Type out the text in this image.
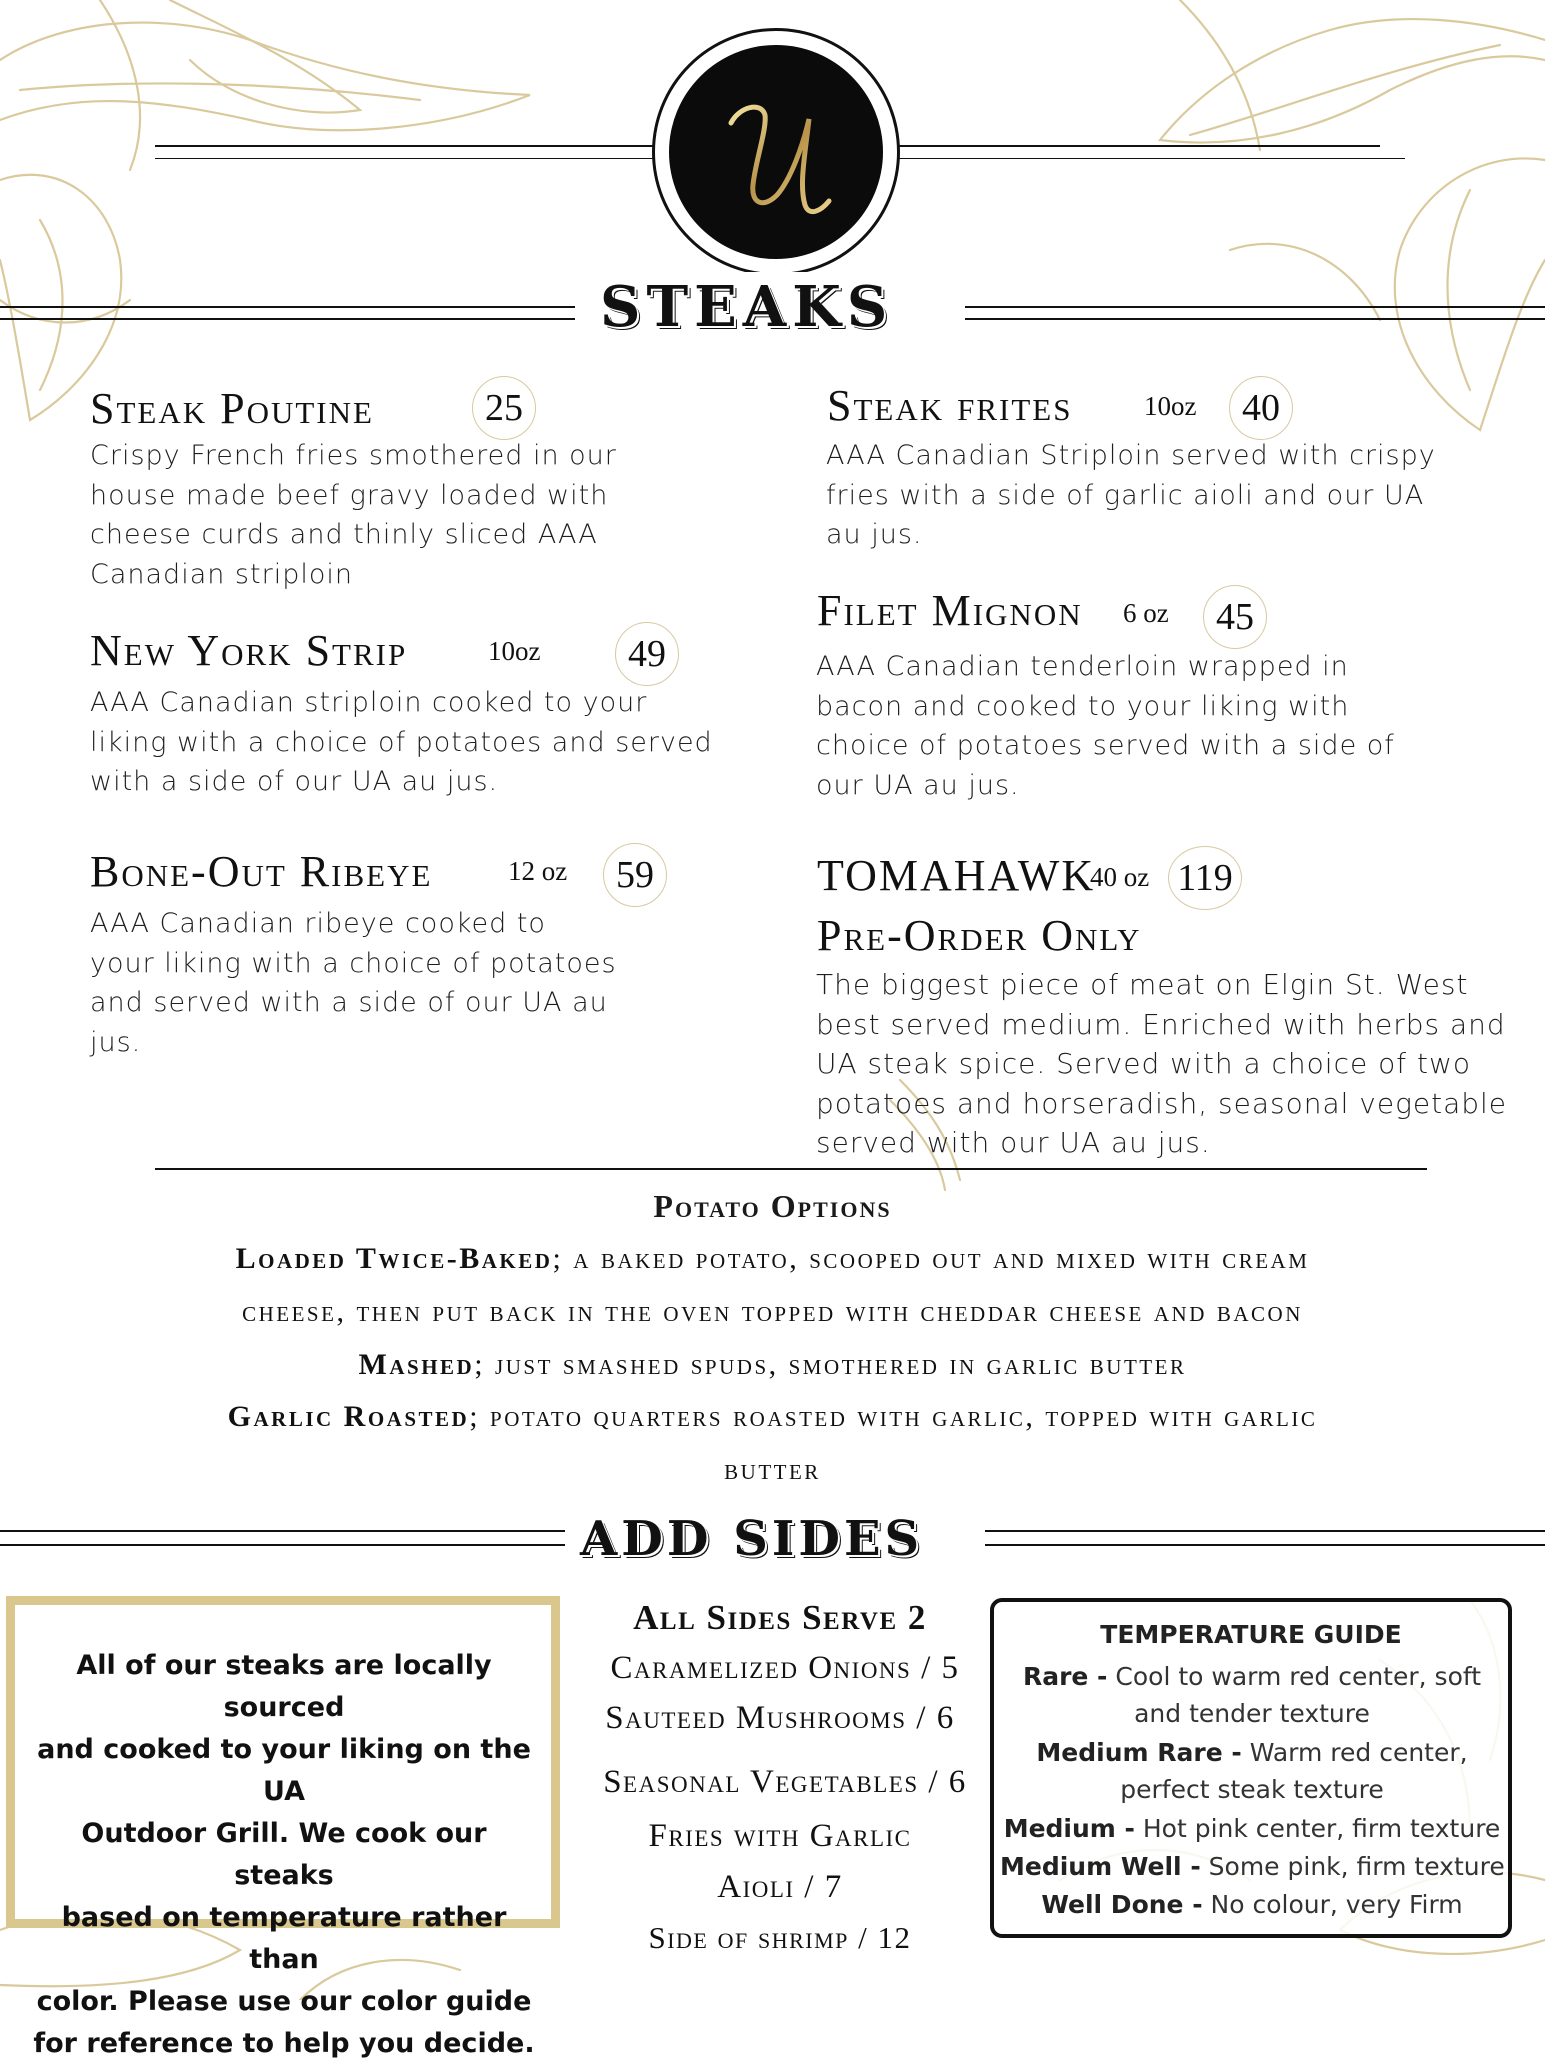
STEAKS
Steak Poutine	25
Crispy French fries smothered in our
house made beef gravy loaded with
cheese curds and thinly sliced AAA
Canadian striploin
New York Strip	10oz	49
AAA Canadian striploin cooked to your
liking with a choice of potatoes and served
with a side of our UA au jus.
Bone-Out Ribeye	12 oz	59
AAA Canadian ribeye cooked to
your liking with a choice of potatoes
and served with a side of our UA au
jus.
Steak frites	10oz	40
AAA Canadian Striploin served with crispy
fries with a side of garlic aioli and our UA
au jus.
Filet Mignon 6 oz	45
AAA Canadian tenderloin wrapped in
bacon and cooked to your liking with
choice of potatoes served with a side of
our UA au jus.
TOMAHAWK
40 oz 119
Pre-Order Only
The biggest piece of meat on Elgin St. West
best served medium. Enriched with herbs and
UA steak spice. Served with a choice of two
potatoes and horseradish, seasonal vegetable
served with our UA au jus.
Potato Options
Loaded Twice-Baked; a baked potato, scooped out and mixed with cream
cheese, then put back in the oven topped with cheddar cheese and bacon
Mashed; just smashed spuds, smothered in garlic butter
Garlic Roasted; potato quarters roasted with garlic, topped with garlic
butter
ADD SIDES
All of our steaks are locally sourced
and cooked to your liking on the UA
Outdoor Grill. We cook our steaks
based on temperature rather than
color. Please use our color guide
for reference to help you decide.
All Sides Serve 2
Caramelized Onions / 5
Sauteed Mushrooms / 6
Seasonal Vegetables / 6
Fries with Garlic
Aioli / 7
Side of shrimp / 12
TEMPERATURE GUIDE
Rare - Cool to warm red center, soft
and tender texture
Medium Rare - Warm red center,
perfect steak texture
Medium - Hot pink center, firm texture
Medium Well - Some pink, firm texture
Well Done - No colour, very Firm
